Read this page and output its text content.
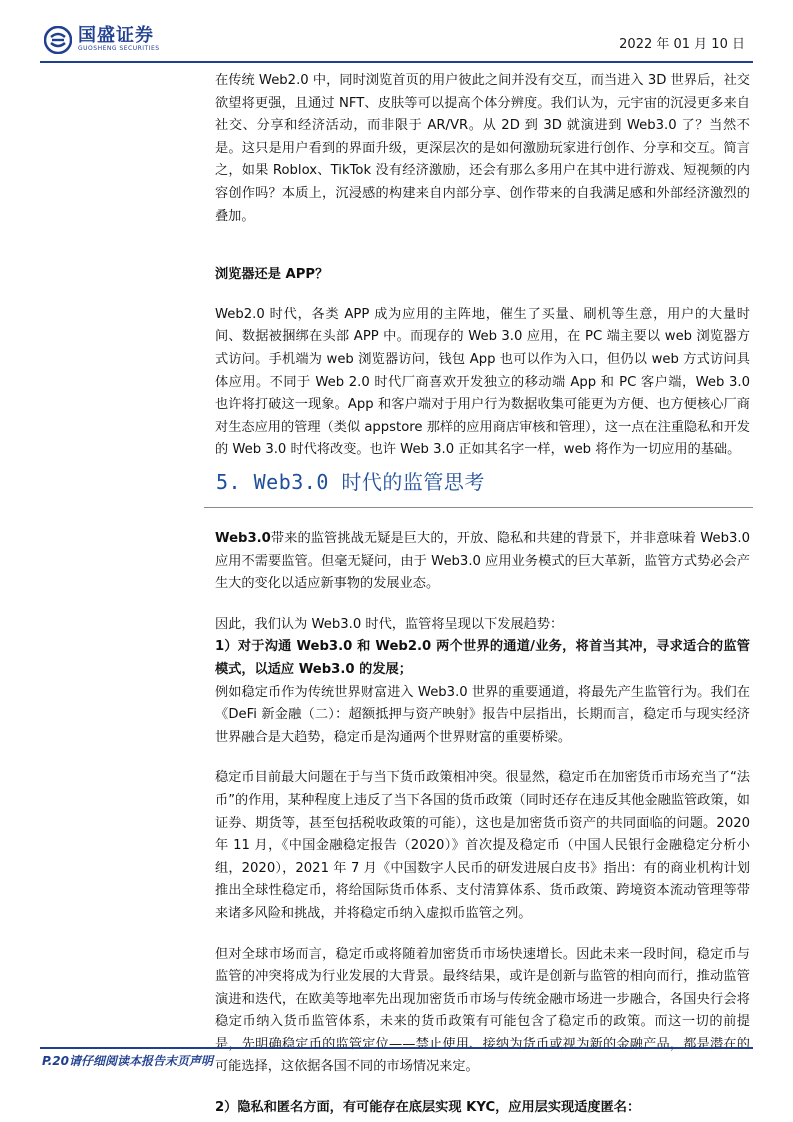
国盛证券
GUOSHENG SECURITIES	2022 年 01 月 10 日

在传统 Web2.0 中，同时浏览首页的用户彼此之间并没有交互，而当进入 3D 世界后，社交欲望将更强，且通过 NFT、皮肤等可以提高个体分辨度。我们认为，元宇宙的沉浸更多来自社交、分享和经济活动，而非限于 AR/VR。从 2D 到 3D 就演进到 Web3.0 了？当然不是。这只是用户看到的界面升级，更深层次的是如何激励玩家进行创作、分享和交互。简言之，如果 Roblox、TikTok 没有经济激励，还会有那么多用户在其中进行游戏、短视频的内容创作吗？本质上，沉浸感的构建来自内部分享、创作带来的自我满足感和外部经济激烈的叠加。

浏览器还是 APP？

Web2.0 时代，各类 APP 成为应用的主阵地，催生了买量、刷机等生意，用户的大量时间、数据被捆绑在头部 APP 中。而现存的 Web 3.0 应用，在 PC 端主要以 web 浏览器方式访问。手机端为 web 浏览器访问，钱包 App 也可以作为入口，但仍以 web 方式访问具体应用。不同于 Web 2.0 时代厂商喜欢开发独立的移动端 App 和 PC 客户端，Web 3.0 也许将打破这一现象。App 和客户端对于用户行为数据收集可能更为方便、也方便核心厂商对生态应用的管理（类似 appstore 那样的应用商店审核和管理），这一点在注重隐私和开发的 Web 3.0 时代将改变。也许 Web 3.0 正如其名字一样，web 将作为一切应用的基础。

5. Web3.0 时代的监管思考

Web3.0带来的监管挑战无疑是巨大的，开放、隐私和共建的背景下，并非意味着 Web3.0 应用不需要监管。但毫无疑问，由于 Web3.0 应用业务模式的巨大革新，监管方式势必会产生大的变化以适应新事物的发展业态。

因此，我们认为 Web3.0 时代，监管将呈现以下发展趋势：

1）对于沟通 Web3.0 和 Web2.0 两个世界的通道/业务，将首当其冲，寻求适合的监管模式，以适应 Web3.0 的发展；

例如稳定币作为传统世界财富进入 Web3.0 世界的重要通道，将最先产生监管行为。我们在《DeFi 新金融（二）：超额抵押与资产映射》报告中层指出，长期而言，稳定币与现实经济世界融合是大趋势，稳定币是沟通两个世界财富的重要桥梁。

稳定币目前最大问题在于与当下货币政策相冲突。很显然，稳定币在加密货币市场充当了“法币”的作用，某种程度上违反了当下各国的货币政策（同时还存在违反其他金融监管政策，如证券、期货等，甚至包括税收政策的可能），这也是加密货币资产的共同面临的问题。2020 年 11 月，《中国金融稳定报告（2020）》首次提及稳定币（中国人民银行金融稳定分析小组，2020），2021 年 7 月《中国数字人民币的研发进展白皮书》指出：有的商业机构计划推出全球性稳定币，将给国际货币体系、支付清算体系、货币政策、跨境资本流动管理等带来诸多风险和挑战，并将稳定币纳入虚拟币监管之列。

但对全球市场而言，稳定币或将随着加密货币市场快速增长。因此未来一段时间，稳定币与监管的冲突将成为行业发展的大背景。最终结果，或许是创新与监管的相向而行，推动监管演进和迭代，在欧美等地率先出现加密货币市场与传统金融市场进一步融合，各国央行会将稳定币纳入货币监管体系，未来的货币政策有可能包含了稳定币的政策。而这一切的前提是，先明确稳定币的监管定位——禁止使用、接纳为货币或视为新的金融产品，都是潜在的可能选择，这依据各国不同的市场情况来定。

2）隐私和匿名方面，有可能存在底层实现 KYC，应用层实现适度匿名：

P.20请仔细阅读本报告末页声明
